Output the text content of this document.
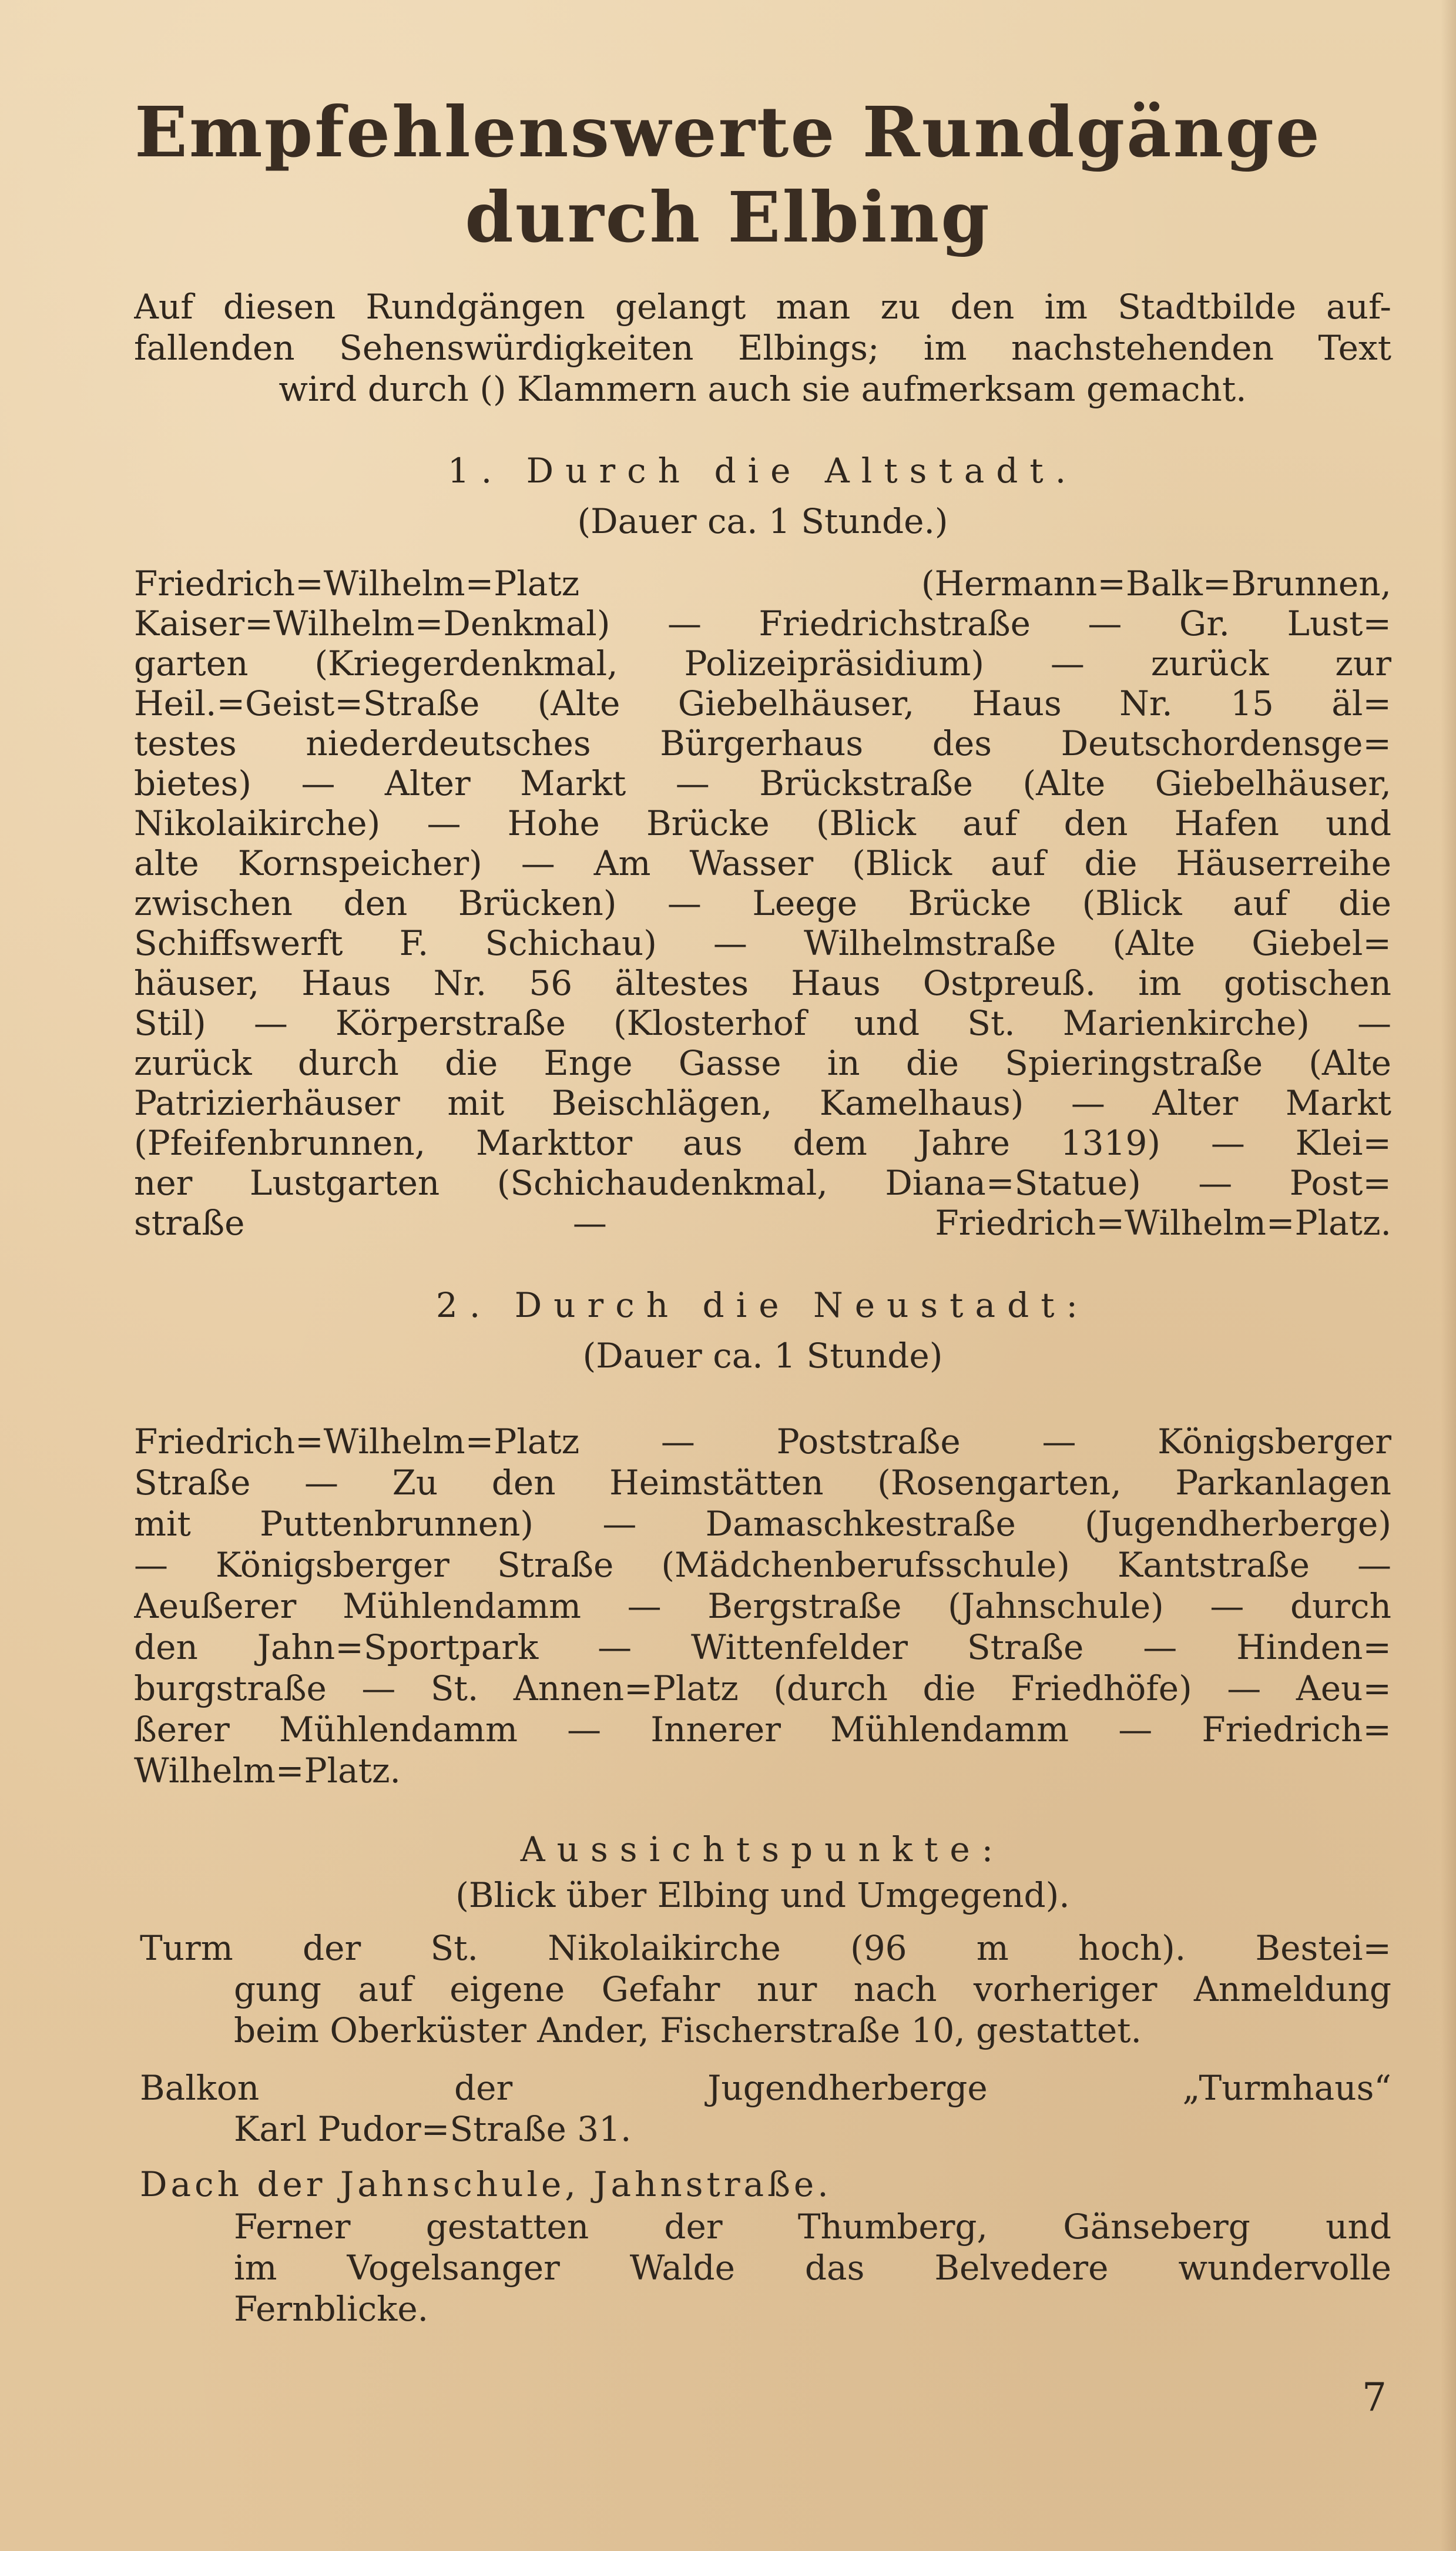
Empfehlenswerte Rundgänge
durch Elbing
Auf diesen Rundgängen gelangt man zu den im Stadtbilde auf-
fallenden Sehenswürdigkeiten Elbings; im nachstehenden Text
wird durch () Klammern auch sie aufmerksam gemacht.
1. Durch die Altstadt.
(Dauer ca. 1 Stunde.)
Friedrich=Wilhelm=Platz (Hermann=Balk=Brunnen,
Kaiser=Wilhelm=Denkmal) — Friedrichstraße — Gr. Lust=
garten (Kriegerdenkmal, Polizeipräsidium) — zurück zur
Heil.=Geist=Straße (Alte Giebelhäuser, Haus Nr. 15 äl=
testes niederdeutsches Bürgerhaus des Deutschordensge=
bietes) — Alter Markt — Brückstraße (Alte Giebelhäuser,
Nikolaikirche) — Hohe Brücke (Blick auf den Hafen und
alte Kornspeicher) — Am Wasser (Blick auf die Häuserreihe
zwischen den Brücken) — Leege Brücke (Blick auf die
Schiffswerft F. Schichau) — Wilhelmstraße (Alte Giebel=
häuser, Haus Nr. 56 ältestes Haus Ostpreuß. im gotischen
Stil) — Körperstraße (Klosterhof und St. Marienkirche) —
zurück durch die Enge Gasse in die Spieringstraße (Alte
Patrizierhäuser mit Beischlägen, Kamelhaus) — Alter Markt
(Pfeifenbrunnen, Markttor aus dem Jahre 1319) — Klei=
ner Lustgarten (Schichaudenkmal, Diana=Statue) — Post=
straße — Friedrich=Wilhelm=Platz.
2. Durch die Neustadt:
(Dauer ca. 1 Stunde)
Friedrich=Wilhelm=Platz — Poststraße — Königsberger
Straße — Zu den Heimstätten (Rosengarten, Parkanlagen
mit Puttenbrunnen) — Damaschkestraße (Jugendherberge)
— Königsberger Straße (Mädchenberufsschule) Kantstraße —
Aeußerer Mühlendamm — Bergstraße (Jahnschule) — durch
den Jahn=Sportpark — Wittenfelder Straße — Hinden=
burgstraße — St. Annen=Platz (durch die Friedhöfe) — Aeu=
ßerer Mühlendamm — Innerer Mühlendamm — Friedrich=
Wilhelm=Platz.
Aussichtspunkte:
(Blick über Elbing und Umgegend).
Turm der St. Nikolaikirche (96 m hoch). Bestei=
gung auf eigene Gefahr nur nach vorheriger Anmeldung
beim Oberküster Ander, Fischerstraße 10, gestattet.
Balkon der Jugendherberge „Turmhaus“
Karl Pudor=Straße 31.
Dach der Jahnschule, Jahnstraße.
Ferner gestatten der Thumberg, Gänseberg und
im Vogelsanger Walde das Belvedere wundervolle
Fernblicke.
7
